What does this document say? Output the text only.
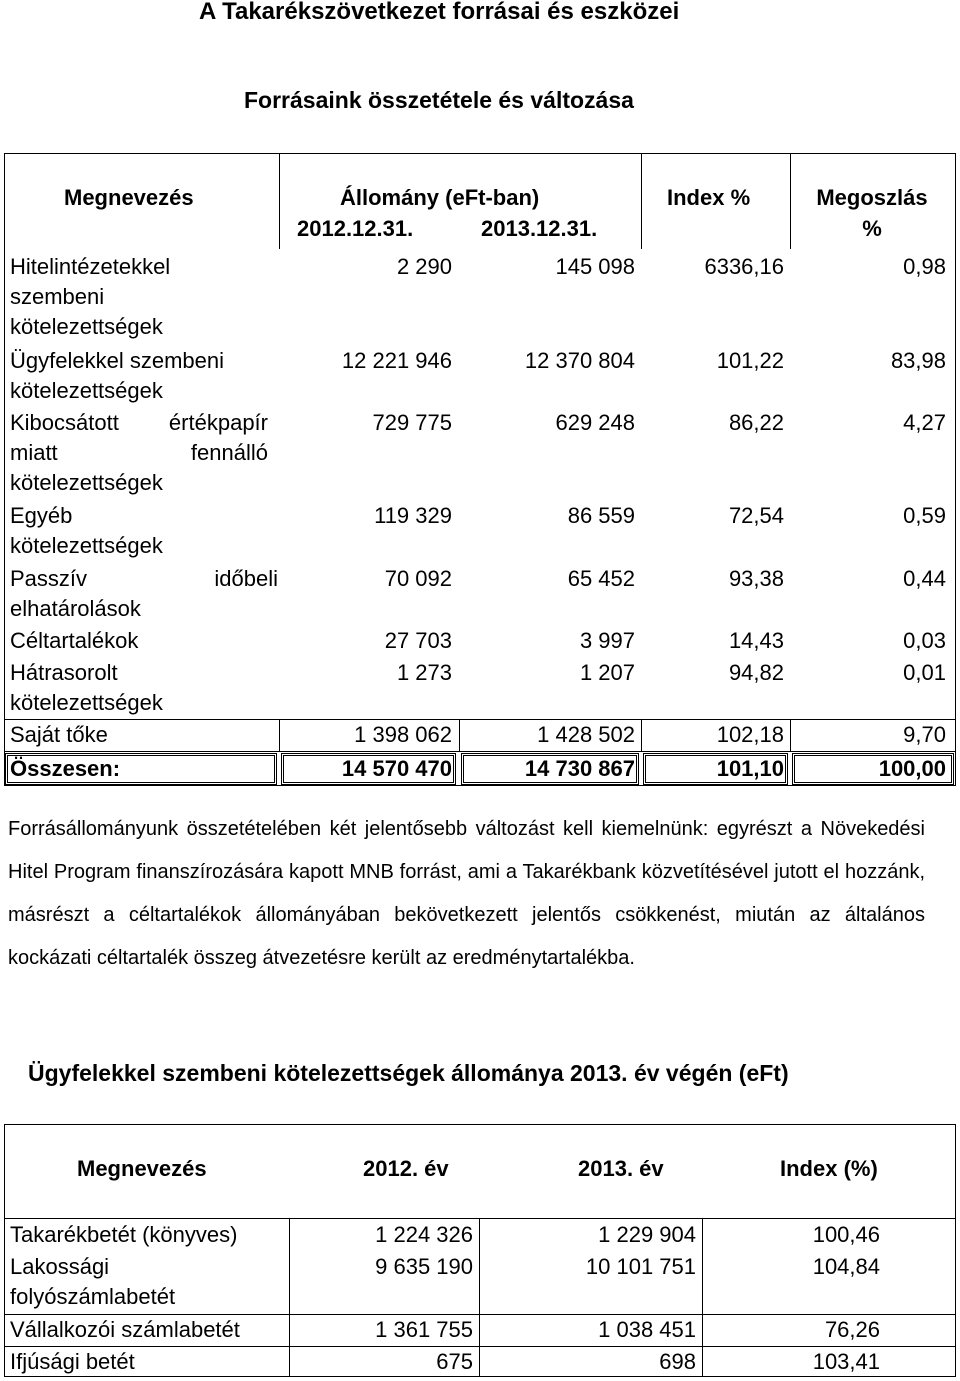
A Takarékszövetkezet forrásai és eszközei
Forrásaink összetétele és változása
Megnevezés	Állomány (eFt-ban)
2012.12.31.	2013.12.31.
Index %	Megoszlás
%
Hitelintézetekkel
szembeni
kötelezettségek
2 290	145 098	6336,16	0,98
Ügyfelekkel szembeni
kötelezettségek
12 221 946	12 370 804	101,22	83,98
Kibocsátott értékpapír
miatt fennálló
kötelezettségek
729 775	629 248	86,22	4,27
Egyéb
kötelezettségek
119 329	86 559	72,54	0,59
Passzív időbeli
elhatárolások
70 092	65 452	93,38	0,44
Céltartalékok	27 703	3 997	14,43	0,03
Hátrasorolt
kötelezettségek
1 273	1 207	94,82	0,01
Saját tőke	1 398 062	1 428 502	102,18	9,70
Összesen:	14 570 470	14 730 867	101,10	100,00
Forrásállományunk összetételében két jelentősebb változást kell kiemelnünk: egyrészt a Növekedési Hitel Program finanszírozására kapott MNB forrást, ami a Takarékbank közvetítésével jutott el hozzánk, másrészt a céltartalékok állományában bekövetkezett jelentős csökkenést, miután az általános kockázati céltartalék összeg átvezetésre került az eredménytartalékba.
Ügyfelekkel szembeni kötelezettségek állománya 2013. év végén (eFt)
Megnevezés	2012. év	2013. év	Index (%)
Takarékbetét (könyves)	1 224 326	1 229 904	100,46
Lakossági
folyószámlabetét
9 635 190	10 101 751	104,84
Vállalkozói számlabetét	1 361 755	1 038 451	76,26
Ifjúsági betét	675	698	103,41
